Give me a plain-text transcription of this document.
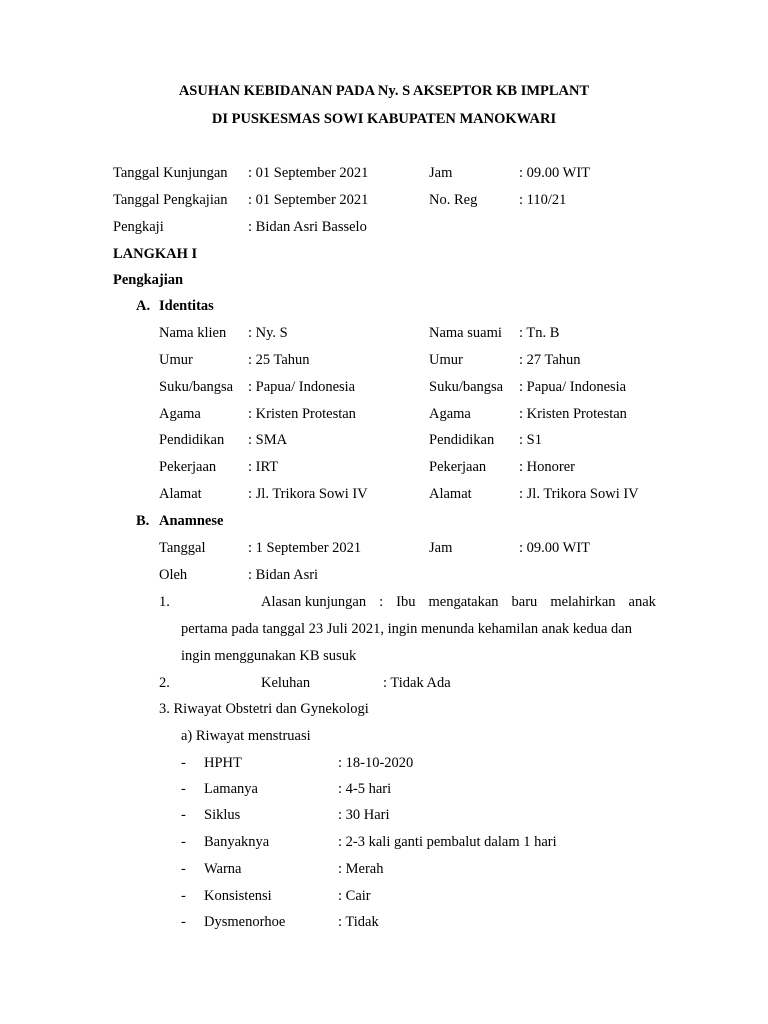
ASUHAN KEBIDANAN PADA Ny. S AKSEPTOR KB IMPLANT
DI PUSKESMAS SOWI KABUPATEN MANOKWARI
Tanggal Kunjungan : 01 September 2021	Jam	: 09.00 WIT
Tanggal Pengkajian : 01 September 2021	No. Reg	: 110/21
Pengkaji	: Bidan Asri Basselo
LANGKAH I
Pengkajian
A. Identitas
Nama klien : Ny. S	Nama suami : Tn. B
Umur	: 25 Tahun	Umur	: 27 Tahun
Suku/bangsa : Papua/ Indonesia	Suku/bangsa : Papua/ Indonesia
Agama	: Kristen Protestan	Agama	: Kristen Protestan
Pendidikan : SMA	Pendidikan : S1
Pekerjaan : IRT	Pekerjaan : Honorer
Alamat	: Jl. Trikora Sowi IV	Alamat	: Jl. Trikora Sowi IV
B. Anamnese
Tanggal	: 1 September 2021	Jam	: 09.00 WIT
Oleh	: Bidan Asri
1.	Alasan kunjungan : Ibu mengatakan baru melahirkan anak
pertama pada tanggal 23 Juli 2021, ingin menunda kehamilan anak kedua dan
ingin menggunakan KB susuk
2.	Keluhan	: Tidak Ada
3. Riwayat Obstetri dan Gynekologi
a) Riwayat menstruasi
- HPHT	: 18-10-2020
- Lamanya	: 4-5 hari
- Siklus	: 30 Hari
- Banyaknya	: 2-3 kali ganti pembalut dalam 1 hari
- Warna	: Merah
- Konsistensi	: Cair
- Dysmenorhoe	: Tidak
